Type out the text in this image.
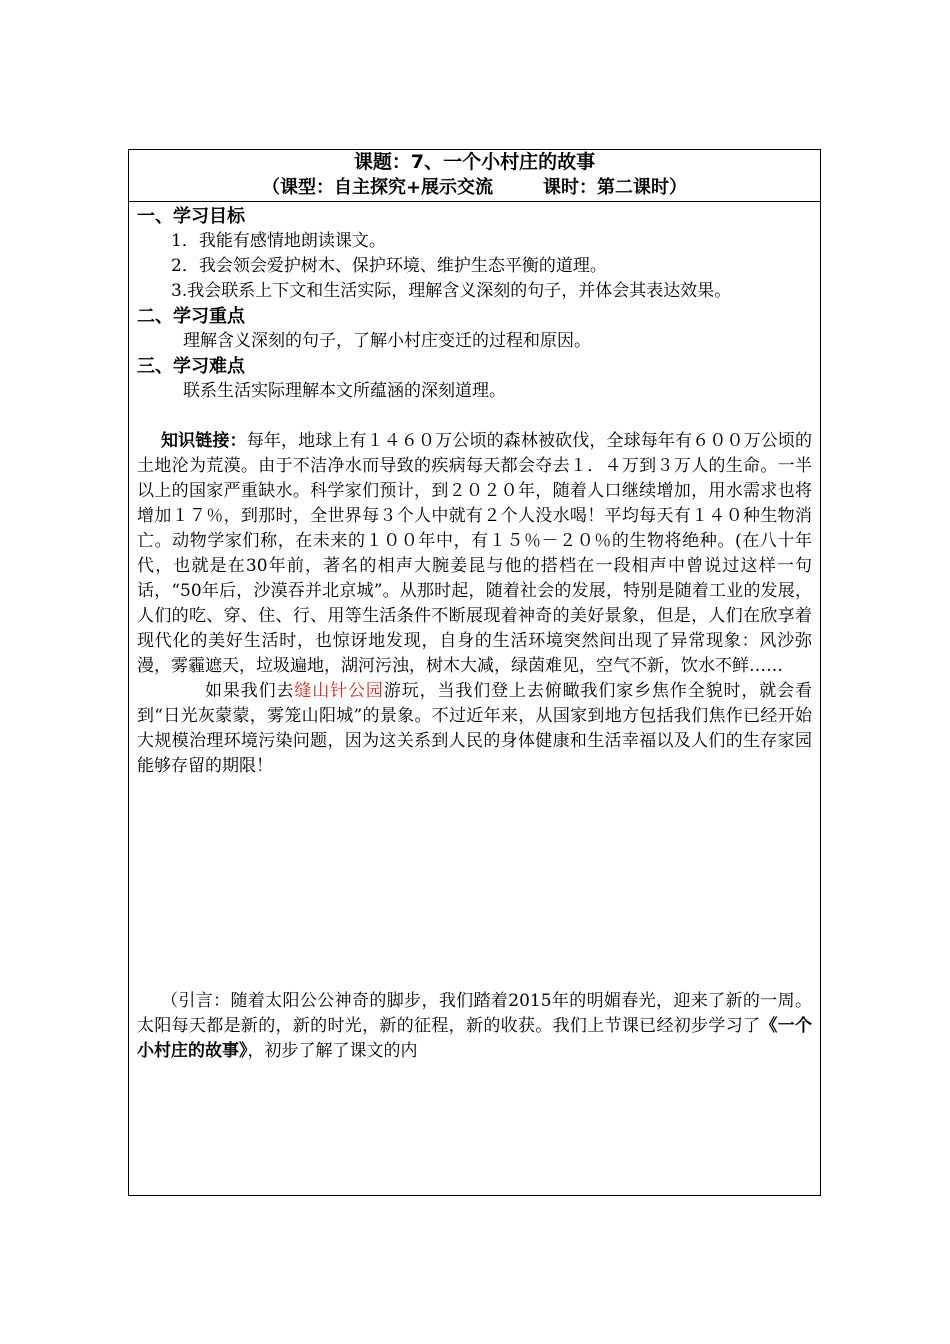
课题：7、一个小村庄的故事
（课型：自主探究+展示交流	课时：第二课时）
一、学习目标

1．我能有感情地朗读课文。

2．我会领会爱护树木、保护环境、维护生态平衡的道理。

3.我会联系上下文和生活实际，理解含义深刻的句子，并体会其表达效果。

二、学习重点

理解含义深刻的句子，了解小村庄变迁的过程和原因。

三、学习难点

联系生活实际理解本文所蕴涵的深刻道理。

知识链接：每年，地球上有１４６０万公顷的森林被砍伐，全球每年有６００万公顷的土地沦为荒漠。由于不洁净水而导致的疾病每天都会夺去１．４万到３万人的生命。一半以上的国家严重缺水。科学家们预计，到２０２０年，随着人口继续增加，用水需求也将增加１７％，到那时，全世界每３个人中就有２个人没水喝！平均每天有１４０种生物消亡。动物学家们称，在未来的１００年中，有１５％－２０％的生物将绝种。(在八十年代，也就是在30年前，著名的相声大腕姜昆与他的搭档在一段相声中曾说过这样一句话，“50年后，沙漠吞并北京城”。从那时起，随着社会的发展，特别是随着工业的发展，人们的吃、穿、住、行、用等生活条件不断展现着神奇的美好景象，但是，人们在欣享着现代化的美好生活时，也惊讶地发现，自身的生活环境突然间出现了异常现象：风沙弥漫，雾霾遮天，垃圾遍地，湖河污浊，树木大减，绿茵难见，空气不新，饮水不鲜……

如果我们去缝山针公园游玩，当我们登上去俯瞰我们家乡焦作全貌时，就会看到“日光灰蒙蒙，雾笼山阳城”的景象。不过近年来，从国家到地方包括我们焦作已经开始大规模治理环境污染问题，因为这关系到人民的身体健康和生活幸福以及人们的生存家园能够存留的期限！

（引言：随着太阳公公神奇的脚步，我们踏着2015年的明媚春光，迎来了新的一周。太阳每天都是新的，新的时光，新的征程，新的收获。我们上节课已经初步学习了《一个小村庄的故事》，初步了解了课文的内
